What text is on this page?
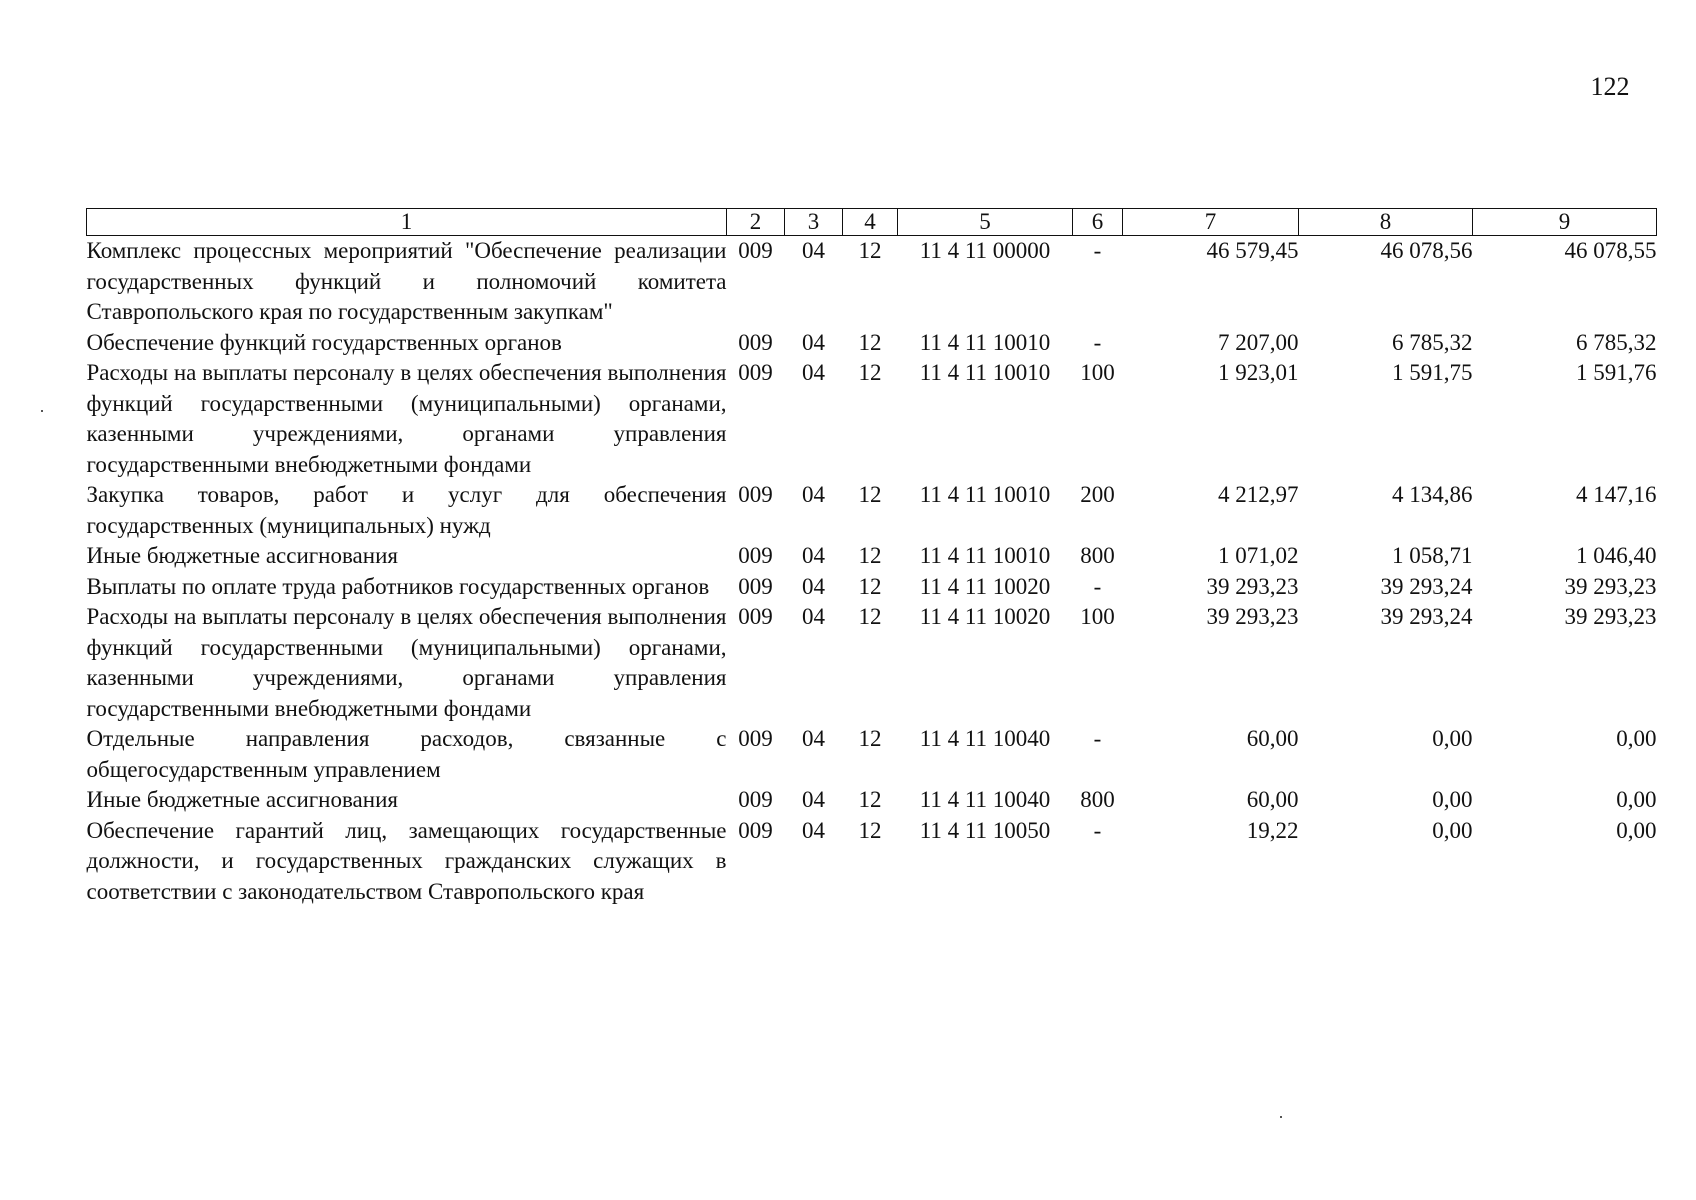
122
1	2	3	4	5	6	7	8	9
Комплекс процессных мероприятий "Обеспечение реализации государственных функций и полномочий комитета Ставропольского края по государственным закупкам"	009	04	12	11 4 11 00000	-	46 579,45	46 078,56	46 078,55
Обеспечение функций государственных органов	009	04	12	11 4 11 10010	-	7 207,00	6 785,32	6 785,32
Расходы на выплаты персоналу в целях обеспечения выполнения функций государственными (муниципальными) органами, казенными учреждениями, органами управления государственными внебюджетными фондами	009	04	12	11 4 11 10010	100	1 923,01	1 591,75	1 591,76
Закупка товаров, работ и услуг для обеспечения государственных (муниципальных) нужд	009	04	12	11 4 11 10010	200	4 212,97	4 134,86	4 147,16
Иные бюджетные ассигнования	009	04	12	11 4 11 10010	800	1 071,02	1 058,71	1 046,40
Выплаты по оплате труда работников государственных органов	009	04	12	11 4 11 10020	-	39 293,23	39 293,24	39 293,23
Расходы на выплаты персоналу в целях обеспечения выполнения функций государственными (муниципальными) органами, казенными учреждениями, органами управления государственными внебюджетными фондами	009	04	12	11 4 11 10020	100	39 293,23	39 293,24	39 293,23
Отдельные направления расходов, связанные с общегосударственным управлением	009	04	12	11 4 11 10040	-	60,00	0,00	0,00
Иные бюджетные ассигнования	009	04	12	11 4 11 10040	800	60,00	0,00	0,00
Обеспечение гарантий лиц, замещающих государственные должности, и государственных гражданских служащих в соответствии с законодательством Ставропольского края	009	04	12	11 4 11 10050	-	19,22	0,00	0,00
